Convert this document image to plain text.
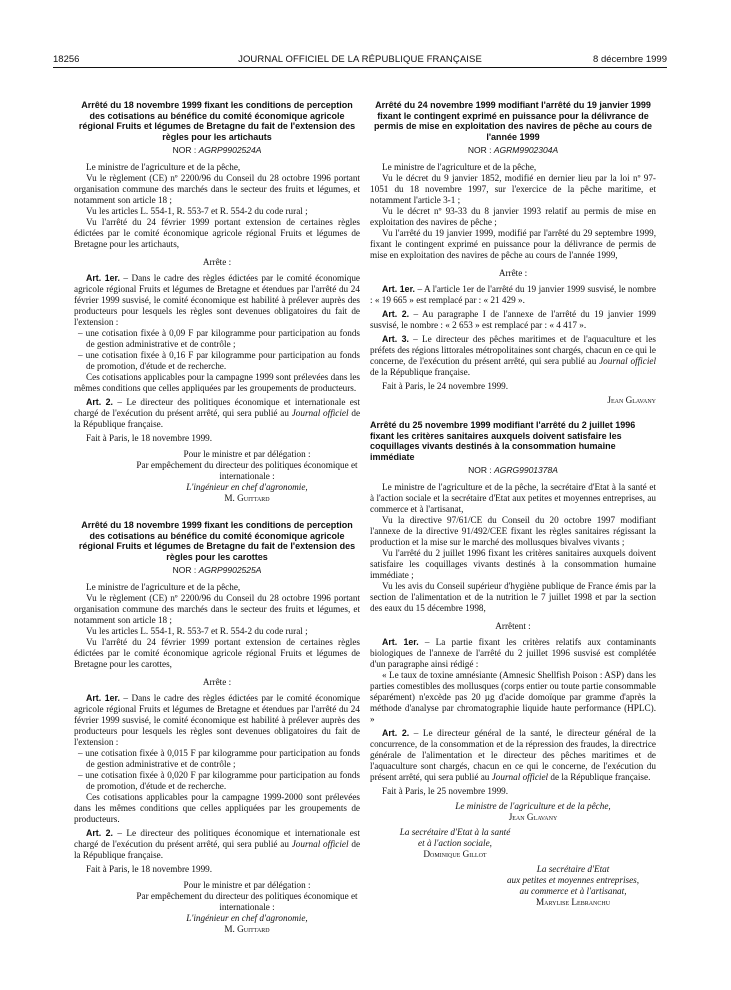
18256	JOURNAL OFFICIEL DE LA RÉPUBLIQUE FRANÇAISE	8 décembre 1999
Arrêté du 18 novembre 1999 fixant les conditions de perception des cotisations au bénéfice du comité économique agricole régional Fruits et légumes de Bretagne du fait de l'extension des règles pour les artichauts
NOR : AGRP9902524A
Le ministre de l'agriculture et de la pêche,
Vu le règlement (CE) nº 2200/96 du Conseil du 28 octobre 1996 portant organisation commune des marchés dans le secteur des fruits et légumes, et notamment son article 18 ;
Vu les articles L. 554-1, R. 553-7 et R. 554-2 du code rural ;
Vu l'arrêté du 24 février 1999 portant extension de certaines règles édictées par le comité économique agricole régional Fruits et légumes de Bretagne pour les artichauts,
Arrête :
Art. 1er. – Dans le cadre des règles édictées par le comité économique agricole régional Fruits et légumes de Bretagne et étendues par l'arrêté du 24 février 1999 susvisé, le comité économique est habilité à prélever auprès des producteurs pour lesquels les règles sont devenues obligatoires du fait de l'extension :
– une cotisation fixée à 0,09 F par kilogramme pour participation au fonds de gestion administrative et de contrôle ;
– une cotisation fixée à 0,16 F par kilogramme pour participation au fonds de promotion, d'étude et de recherche.
Ces cotisations applicables pour la campagne 1999 sont prélevées dans les mêmes conditions que celles appliquées par les groupements de producteurs.
Art. 2. – Le directeur des politiques économique et internationale est chargé de l'exécution du présent arrêté, qui sera publié au Journal officiel de la République française.
Fait à Paris, le 18 novembre 1999.
Pour le ministre et par délégation :
Par empêchement du directeur des politiques économique et internationale :
L'ingénieur en chef d'agronomie,
M. Guittard
Arrêté du 18 novembre 1999 fixant les conditions de perception des cotisations au bénéfice du comité économique agricole régional Fruits et légumes de Bretagne du fait de l'extension des règles pour les carottes
NOR : AGRP9902525A
Le ministre de l'agriculture et de la pêche,
Vu le règlement (CE) nº 2200/96 du Conseil du 28 octobre 1996 portant organisation commune des marchés dans le secteur des fruits et légumes, et notamment son article 18 ;
Vu les articles L. 554-1, R. 553-7 et R. 554-2 du code rural ;
Vu l'arrêté du 24 février 1999 portant extension de certaines règles édictées par le comité économique agricole régional Fruits et légumes de Bretagne pour les carottes,
Arrête :
Art. 1er. – Dans le cadre des règles édictées par le comité économique agricole régional Fruits et légumes de Bretagne et étendues par l'arrêté du 24 février 1999 susvisé, le comité économique est habilité à prélever auprès des producteurs pour lesquels les règles sont devenues obligatoires du fait de l'extension :
– une cotisation fixée à 0,015 F par kilogramme pour participation au fonds de gestion administrative et de contrôle ;
– une cotisation fixée à 0,020 F par kilogramme pour participation au fonds de promotion, d'étude et de recherche.
Ces cotisations applicables pour la campagne 1999-2000 sont prélevées dans les mêmes conditions que celles appliquées par les groupements de producteurs.
Art. 2. – Le directeur des politiques économique et internationale est chargé de l'exécution du présent arrêté, qui sera publié au Journal officiel de la République française.
Fait à Paris, le 18 novembre 1999.
Pour le ministre et par délégation :
Par empêchement du directeur des politiques économique et internationale :
L'ingénieur en chef d'agronomie,
M. Guittard
Arrêté du 24 novembre 1999 modifiant l'arrêté du 19 janvier 1999 fixant le contingent exprimé en puissance pour la délivrance de permis de mise en exploitation des navires de pêche au cours de l'année 1999
NOR : AGRM9902304A
Le ministre de l'agriculture et de la pêche,
Vu le décret du 9 janvier 1852, modifié en dernier lieu par la loi nº 97-1051 du 18 novembre 1997, sur l'exercice de la pêche maritime, et notamment l'article 3-1 ;
Vu le décret nº 93-33 du 8 janvier 1993 relatif au permis de mise en exploitation des navires de pêche ;
Vu l'arrêté du 19 janvier 1999, modifié par l'arrêté du 29 septembre 1999, fixant le contingent exprimé en puissance pour la délivrance de permis de mise en exploitation des navires de pêche au cours de l'année 1999,
Arrête :
Art. 1er. – A l'article 1er de l'arrêté du 19 janvier 1999 susvisé, le nombre : « 19 665 » est remplacé par : « 21 429 ».
Art. 2. – Au paragraphe I de l'annexe de l'arrêté du 19 janvier 1999 susvisé, le nombre : « 2 653 » est remplacé par : « 4 417 ».
Art. 3. – Le directeur des pêches maritimes et de l'aquaculture et les préfets des régions littorales métropolitaines sont chargés, chacun en ce qui le concerne, de l'exécution du présent arrêté, qui sera publié au Journal officiel de la République française.
Fait à Paris, le 24 novembre 1999.
Jean Glavany
Arrêté du 25 novembre 1999 modifiant l'arrêté du 2 juillet 1996 fixant les critères sanitaires auxquels doivent satisfaire les coquillages vivants destinés à la consommation humaine immédiate
NOR : AGRG9901378A
Le ministre de l'agriculture et de la pêche, la secrétaire d'Etat à la santé et à l'action sociale et la secrétaire d'Etat aux petites et moyennes entreprises, au commerce et à l'artisanat,
Vu la directive 97/61/CE du Conseil du 20 octobre 1997 modifiant l'annexe de la directive 91/492/CEE fixant les règles sanitaires régissant la production et la mise sur le marché des mollusques bivalves vivants ;
Vu l'arrêté du 2 juillet 1996 fixant les critères sanitaires auxquels doivent satisfaire les coquillages vivants destinés à la consommation humaine immédiate ;
Vu les avis du Conseil supérieur d'hygiène publique de France émis par la section de l'alimentation et de la nutrition le 7 juillet 1998 et par la section des eaux du 15 décembre 1998,
Arrêtent :
Art. 1er. – La partie fixant les critères relatifs aux contaminants biologiques de l'annexe de l'arrêté du 2 juillet 1996 susvisé est complétée d'un paragraphe ainsi rédigé :
« Le taux de toxine amnésiante (Amnesic Shellfish Poison : ASP) dans les parties comestibles des mollusques (corps entier ou toute partie consommable séparément) n'excède pas 20 µg d'acide domoïque par gramme d'après la méthode d'analyse par chromatographie liquide haute performance (HPLC). »
Art. 2. – Le directeur général de la santé, le directeur général de la concurrence, de la consommation et de la répression des fraudes, la directrice générale de l'alimentation et le directeur des pêches maritimes et de l'aquaculture sont chargés, chacun en ce qui le concerne, de l'exécution du présent arrêté, qui sera publié au Journal officiel de la République française.
Fait à Paris, le 25 novembre 1999.
Le ministre de l'agriculture et de la pêche,
Jean Glavany
La secrétaire d'Etat à la santé
et à l'action sociale,
Dominique Gillot
La secrétaire d'Etat
aux petites et moyennes entreprises,
au commerce et à l'artisanat,
Marylise Lebranchu
